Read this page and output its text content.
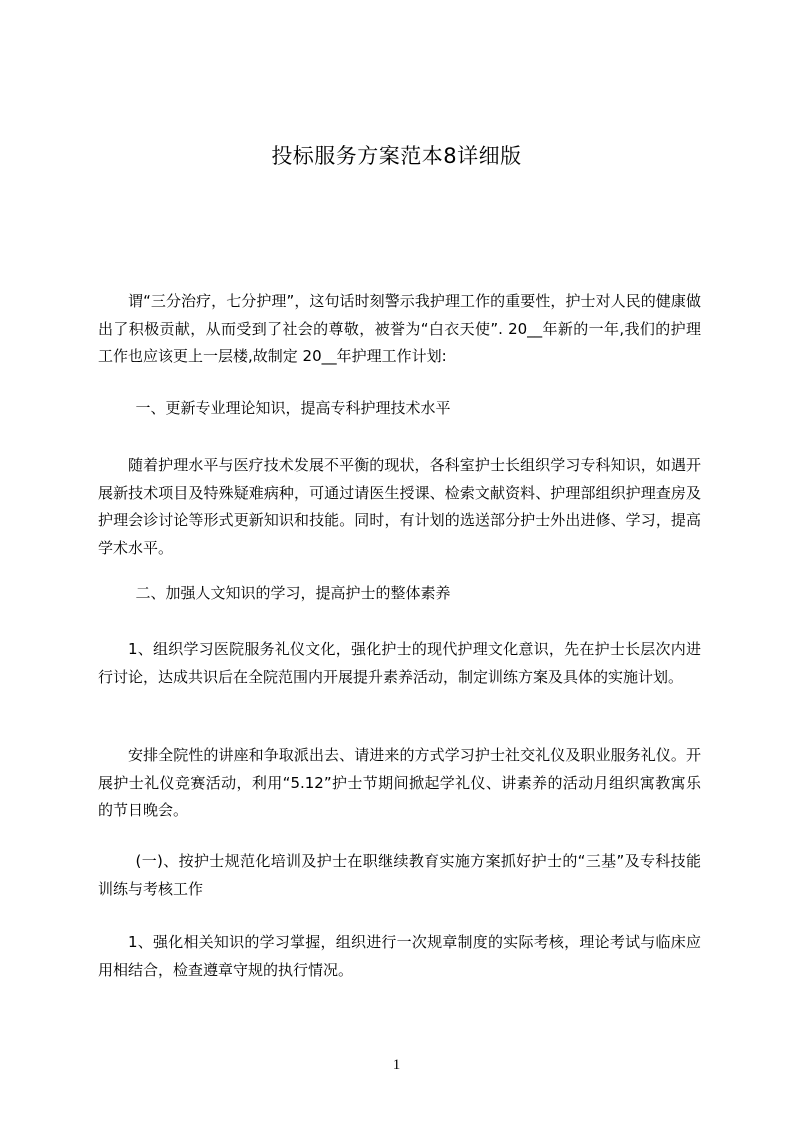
投标服务方案范本8详细版
谓“三分治疗，七分护理”，这句话时刻警示我护理工作的重要性，护士对人民的健康做出了积极贡献，从而受到了社会的尊敬，被誉为“白衣天使”. 20__年新的一年,我们的护理工作也应该更上一层楼,故制定 20__年护理工作计划:
一、更新专业理论知识，提高专科护理技术水平
随着护理水平与医疗技术发展不平衡的现状，各科室护士长组织学习专科知识，如遇开展新技术项目及特殊疑难病种，可通过请医生授课、检索文献资料、护理部组织护理查房及护理会诊讨论等形式更新知识和技能。同时，有计划的选送部分护士外出进修、学习，提高学术水平。
二、加强人文知识的学习，提高护士的整体素养
1、组织学习医院服务礼仪文化，强化护士的现代护理文化意识，先在护士长层次内进行讨论，达成共识后在全院范围内开展提升素养活动，制定训练方案及具体的实施计划。
安排全院性的讲座和争取派出去、请进来的方式学习护士社交礼仪及职业服务礼仪。开展护士礼仪竞赛活动，利用“5.12”护士节期间掀起学礼仪、讲素养的活动月组织寓教寓乐的节日晚会。
(一)、按护士规范化培训及护士在职继续教育实施方案抓好护士的“三基”及专科技能训练与考核工作
1、强化相关知识的学习掌握，组织进行一次规章制度的实际考核，理论考试与临床应用相结合，检查遵章守规的执行情况。
1
